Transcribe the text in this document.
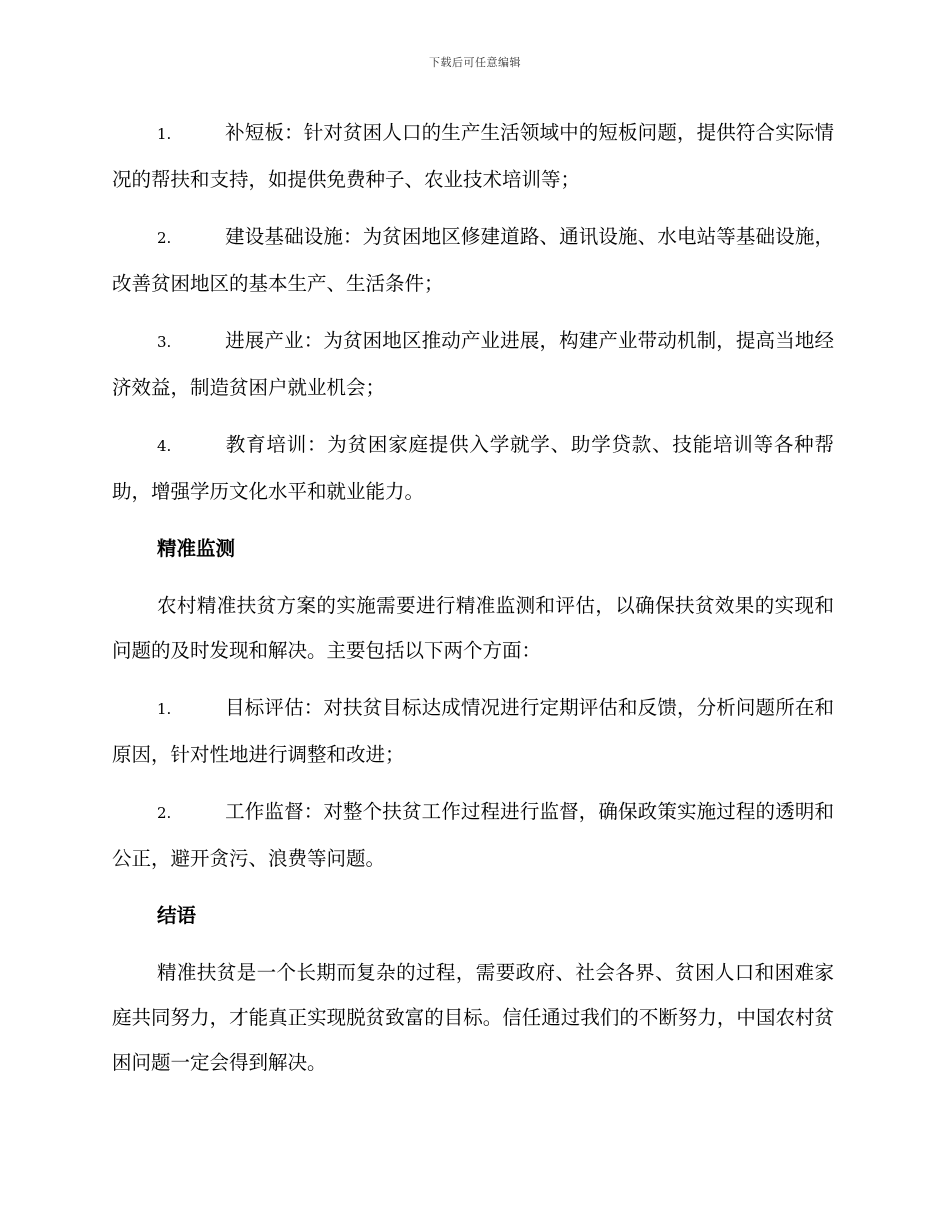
下载后可任意编辑

1.	补短板：针对贫困人口的生产生活领域中的短板问题，提供符合实际情况的帮扶和支持，如提供免费种子、农业技术培训等；

2.	建设基础设施：为贫困地区修建道路、通讯设施、水电站等基础设施，改善贫困地区的基本生产、生活条件；

3.	进展产业：为贫困地区推动产业进展，构建产业带动机制，提高当地经济效益，制造贫困户就业机会；

4.	教育培训：为贫困家庭提供入学就学、助学贷款、技能培训等各种帮助，增强学历文化水平和就业能力。

精准监测

农村精准扶贫方案的实施需要进行精准监测和评估，以确保扶贫效果的实现和问题的及时发现和解决。主要包括以下两个方面：

1.	目标评估：对扶贫目标达成情况进行定期评估和反馈，分析问题所在和原因，针对性地进行调整和改进；

2.	工作监督：对整个扶贫工作过程进行监督，确保政策实施过程的透明和公正，避开贪污、浪费等问题。

结语

精准扶贫是一个长期而复杂的过程，需要政府、社会各界、贫困人口和困难家庭共同努力，才能真正实现脱贫致富的目标。信任通过我们的不断努力，中国农村贫困问题一定会得到解决。
